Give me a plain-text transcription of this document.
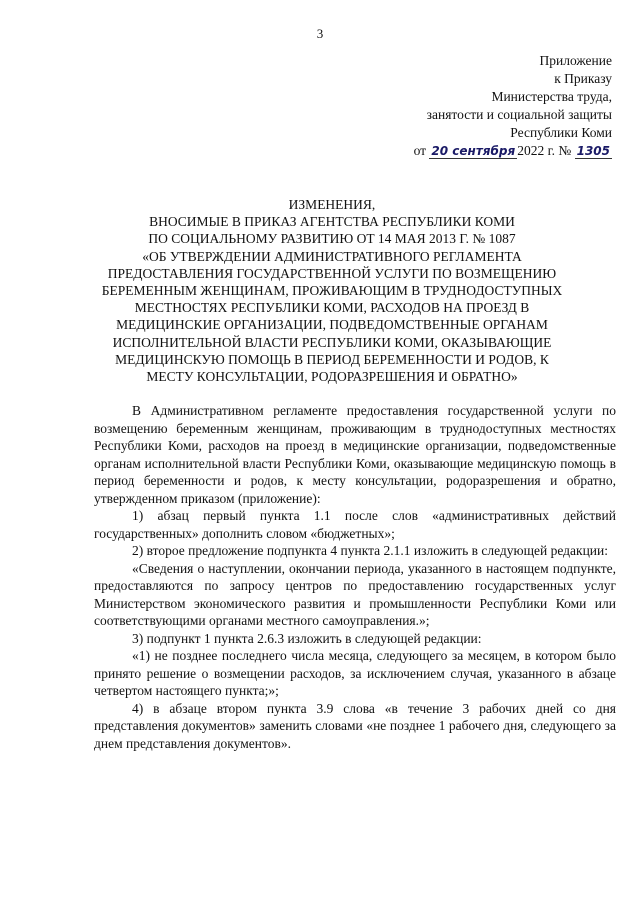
3
Приложение
к Приказу
Министерства труда,
занятости и социальной защиты
Республики Коми
от 20 сентября 2022 г. № 1305
ИЗМЕНЕНИЯ,
ВНОСИМЫЕ В ПРИКАЗ АГЕНТСТВА РЕСПУБЛИКИ КОМИ
ПО СОЦИАЛЬНОМУ РАЗВИТИЮ ОТ 14 МАЯ 2013 Г. № 1087
«ОБ УТВЕРЖДЕНИИ АДМИНИСТРАТИВНОГО РЕГЛАМЕНТА
ПРЕДОСТАВЛЕНИЯ ГОСУДАРСТВЕННОЙ УСЛУГИ ПО ВОЗМЕЩЕНИЮ
БЕРЕМЕННЫМ ЖЕНЩИНАМ, ПРОЖИВАЮЩИМ В ТРУДНОДОСТУПНЫХ
МЕСТНОСТЯХ РЕСПУБЛИКИ КОМИ, РАСХОДОВ НА ПРОЕЗД В
МЕДИЦИНСКИЕ ОРГАНИЗАЦИИ, ПОДВЕДОМСТВЕННЫЕ ОРГАНАМ
ИСПОЛНИТЕЛЬНОЙ ВЛАСТИ РЕСПУБЛИКИ КОМИ, ОКАЗЫВАЮЩИЕ
МЕДИЦИНСКУЮ ПОМОЩЬ В ПЕРИОД БЕРЕМЕННОСТИ И РОДОВ, К
МЕСТУ КОНСУЛЬТАЦИИ, РОДОРАЗРЕШЕНИЯ И ОБРАТНО»

В Административном регламенте предоставления государственной услуги по возмещению беременным женщинам, проживающим в труднодоступных местностях Республики Коми, расходов на проезд в медицинские организации, подведомственные органам исполнительной власти Республики Коми, оказывающие медицинскую помощь в период беременности и родов, к месту консультации, родоразрешения и обратно, утвержденном приказом (приложение):

1) абзац первый пункта 1.1 после слов «административных действий государственных» дополнить словом «бюджетных»;

2) второе предложение подпункта 4 пункта 2.1.1 изложить в следующей редакции:

«Сведения о наступлении, окончании периода, указанного в настоящем подпункте, предоставляются по запросу центров по предоставлению государственных услуг Министерством экономического развития и промышленности Республики Коми или соответствующими органами местного самоуправления.»;

3) подпункт 1 пункта 2.6.3 изложить в следующей редакции:

«1) не позднее последнего числа месяца, следующего за месяцем, в котором было принято решение о возмещении расходов, за исключением случая, указанного в абзаце четвертом настоящего пункта;»;

4) в абзаце втором пункта 3.9 слова «в течение 3 рабочих дней со дня представления документов» заменить словами «не позднее 1 рабочего дня, следующего за днем представления документов».
